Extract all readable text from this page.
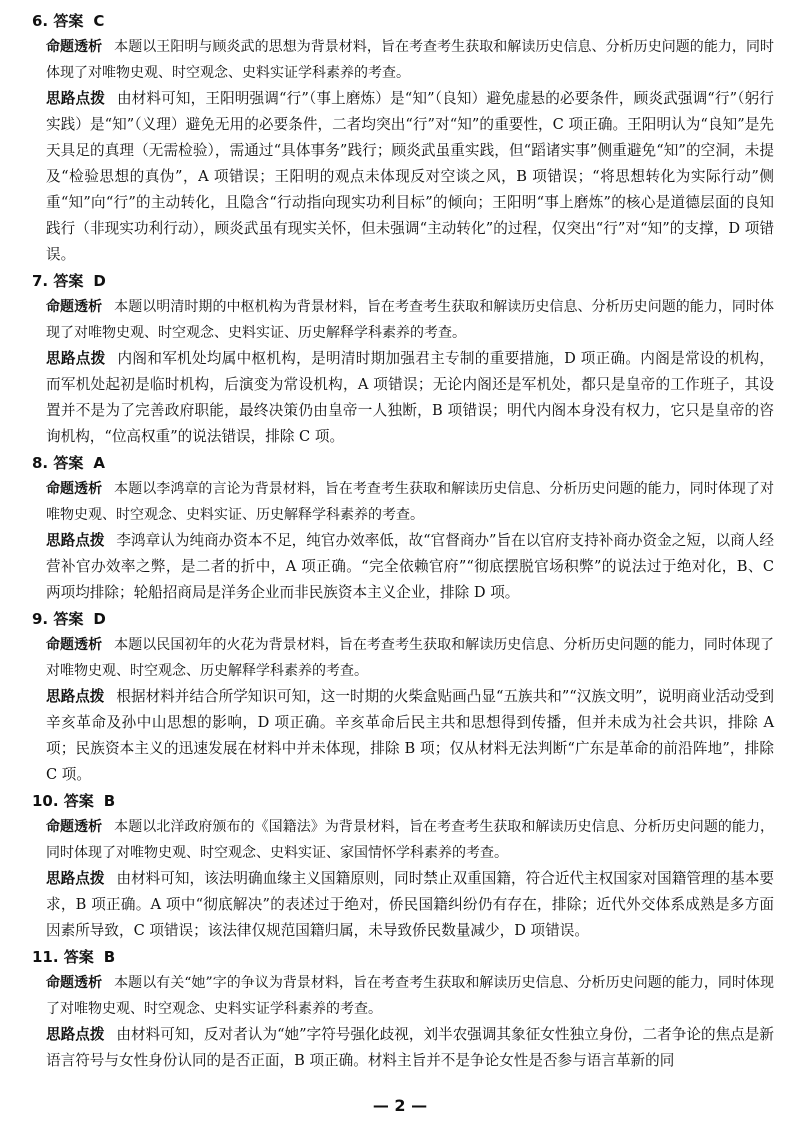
6. 答案 C

命题透析 本题以王阳明与顾炎武的思想为背景材料，旨在考查考生获取和解读历史信息、分析历史问题的能力，同时体现了对唯物史观、时空观念、史料实证学科素养的考查。

思路点拨 由材料可知，王阳明强调“行”（事上磨炼）是“知”（良知）避免虚悬的必要条件，顾炎武强调“行”（躬行实践）是“知”（义理）避免无用的必要条件，二者均突出“行”对“知”的重要性，C 项正确。王阳明认为“良知”是先天具足的真理（无需检验），需通过“具体事务”践行；顾炎武虽重实践，但“蹈诸实事”侧重避免“知”的空洞，未提及“检验思想的真伪”，A 项错误；王阳明的观点未体现反对空谈之风，B 项错误；“将思想转化为实际行动”侧重“知”向“行”的主动转化，且隐含“行动指向现实功利目标”的倾向；王阳明“事上磨炼”的核心是道德层面的良知践行（非现实功利行动），顾炎武虽有现实关怀，但未强调“主动转化”的过程，仅突出“行”对“知”的支撑，D 项错误。

7. 答案 D

命题透析 本题以明清时期的中枢机构为背景材料，旨在考查考生获取和解读历史信息、分析历史问题的能力，同时体现了对唯物史观、时空观念、史料实证、历史解释学科素养的考查。

思路点拨 内阁和军机处均属中枢机构，是明清时期加强君主专制的重要措施，D 项正确。内阁是常设的机构，而军机处起初是临时机构，后演变为常设机构，A 项错误；无论内阁还是军机处，都只是皇帝的工作班子，其设置并不是为了完善政府职能，最终决策仍由皇帝一人独断，B 项错误；明代内阁本身没有权力，它只是皇帝的咨询机构，“位高权重”的说法错误，排除 C 项。

8. 答案 A

命题透析 本题以李鸿章的言论为背景材料，旨在考查考生获取和解读历史信息、分析历史问题的能力，同时体现了对唯物史观、时空观念、史料实证、历史解释学科素养的考查。

思路点拨 李鸿章认为纯商办资本不足，纯官办效率低，故“官督商办”旨在以官府支持补商办资金之短，以商人经营补官办效率之弊，是二者的折中，A 项正确。“完全依赖官府”“彻底摆脱官场积弊”的说法过于绝对化，B、C 两项均排除；轮船招商局是洋务企业而非民族资本主义企业，排除 D 项。

9. 答案 D

命题透析 本题以民国初年的火花为背景材料，旨在考查考生获取和解读历史信息、分析历史问题的能力，同时体现了对唯物史观、时空观念、历史解释学科素养的考查。

思路点拨 根据材料并结合所学知识可知，这一时期的火柴盒贴画凸显“五族共和”“汉族文明”，说明商业活动受到辛亥革命及孙中山思想的影响，D 项正确。辛亥革命后民主共和思想得到传播，但并未成为社会共识，排除 A 项；民族资本主义的迅速发展在材料中并未体现，排除 B 项；仅从材料无法判断“广东是革命的前沿阵地”，排除 C 项。

10. 答案 B

命题透析 本题以北洋政府颁布的《国籍法》为背景材料，旨在考查考生获取和解读历史信息、分析历史问题的能力，同时体现了对唯物史观、时空观念、史料实证、家国情怀学科素养的考查。

思路点拨 由材料可知，该法明确血缘主义国籍原则，同时禁止双重国籍，符合近代主权国家对国籍管理的基本要求，B 项正确。A 项中“彻底解决”的表述过于绝对，侨民国籍纠纷仍有存在，排除；近代外交体系成熟是多方面因素所导致，C 项错误；该法律仅规范国籍归属，未导致侨民数量减少，D 项错误。

11. 答案 B

命题透析 本题以有关“她”字的争议为背景材料，旨在考查考生获取和解读历史信息、分析历史问题的能力，同时体现了对唯物史观、时空观念、史料实证学科素养的考查。

思路点拨 由材料可知，反对者认为“她”字符号强化歧视，刘半农强调其象征女性独立身份，二者争论的焦点是新语言符号与女性身份认同的是否正面，B 项正确。材料主旨并不是争论女性是否参与语言革新的同

— 2 —
